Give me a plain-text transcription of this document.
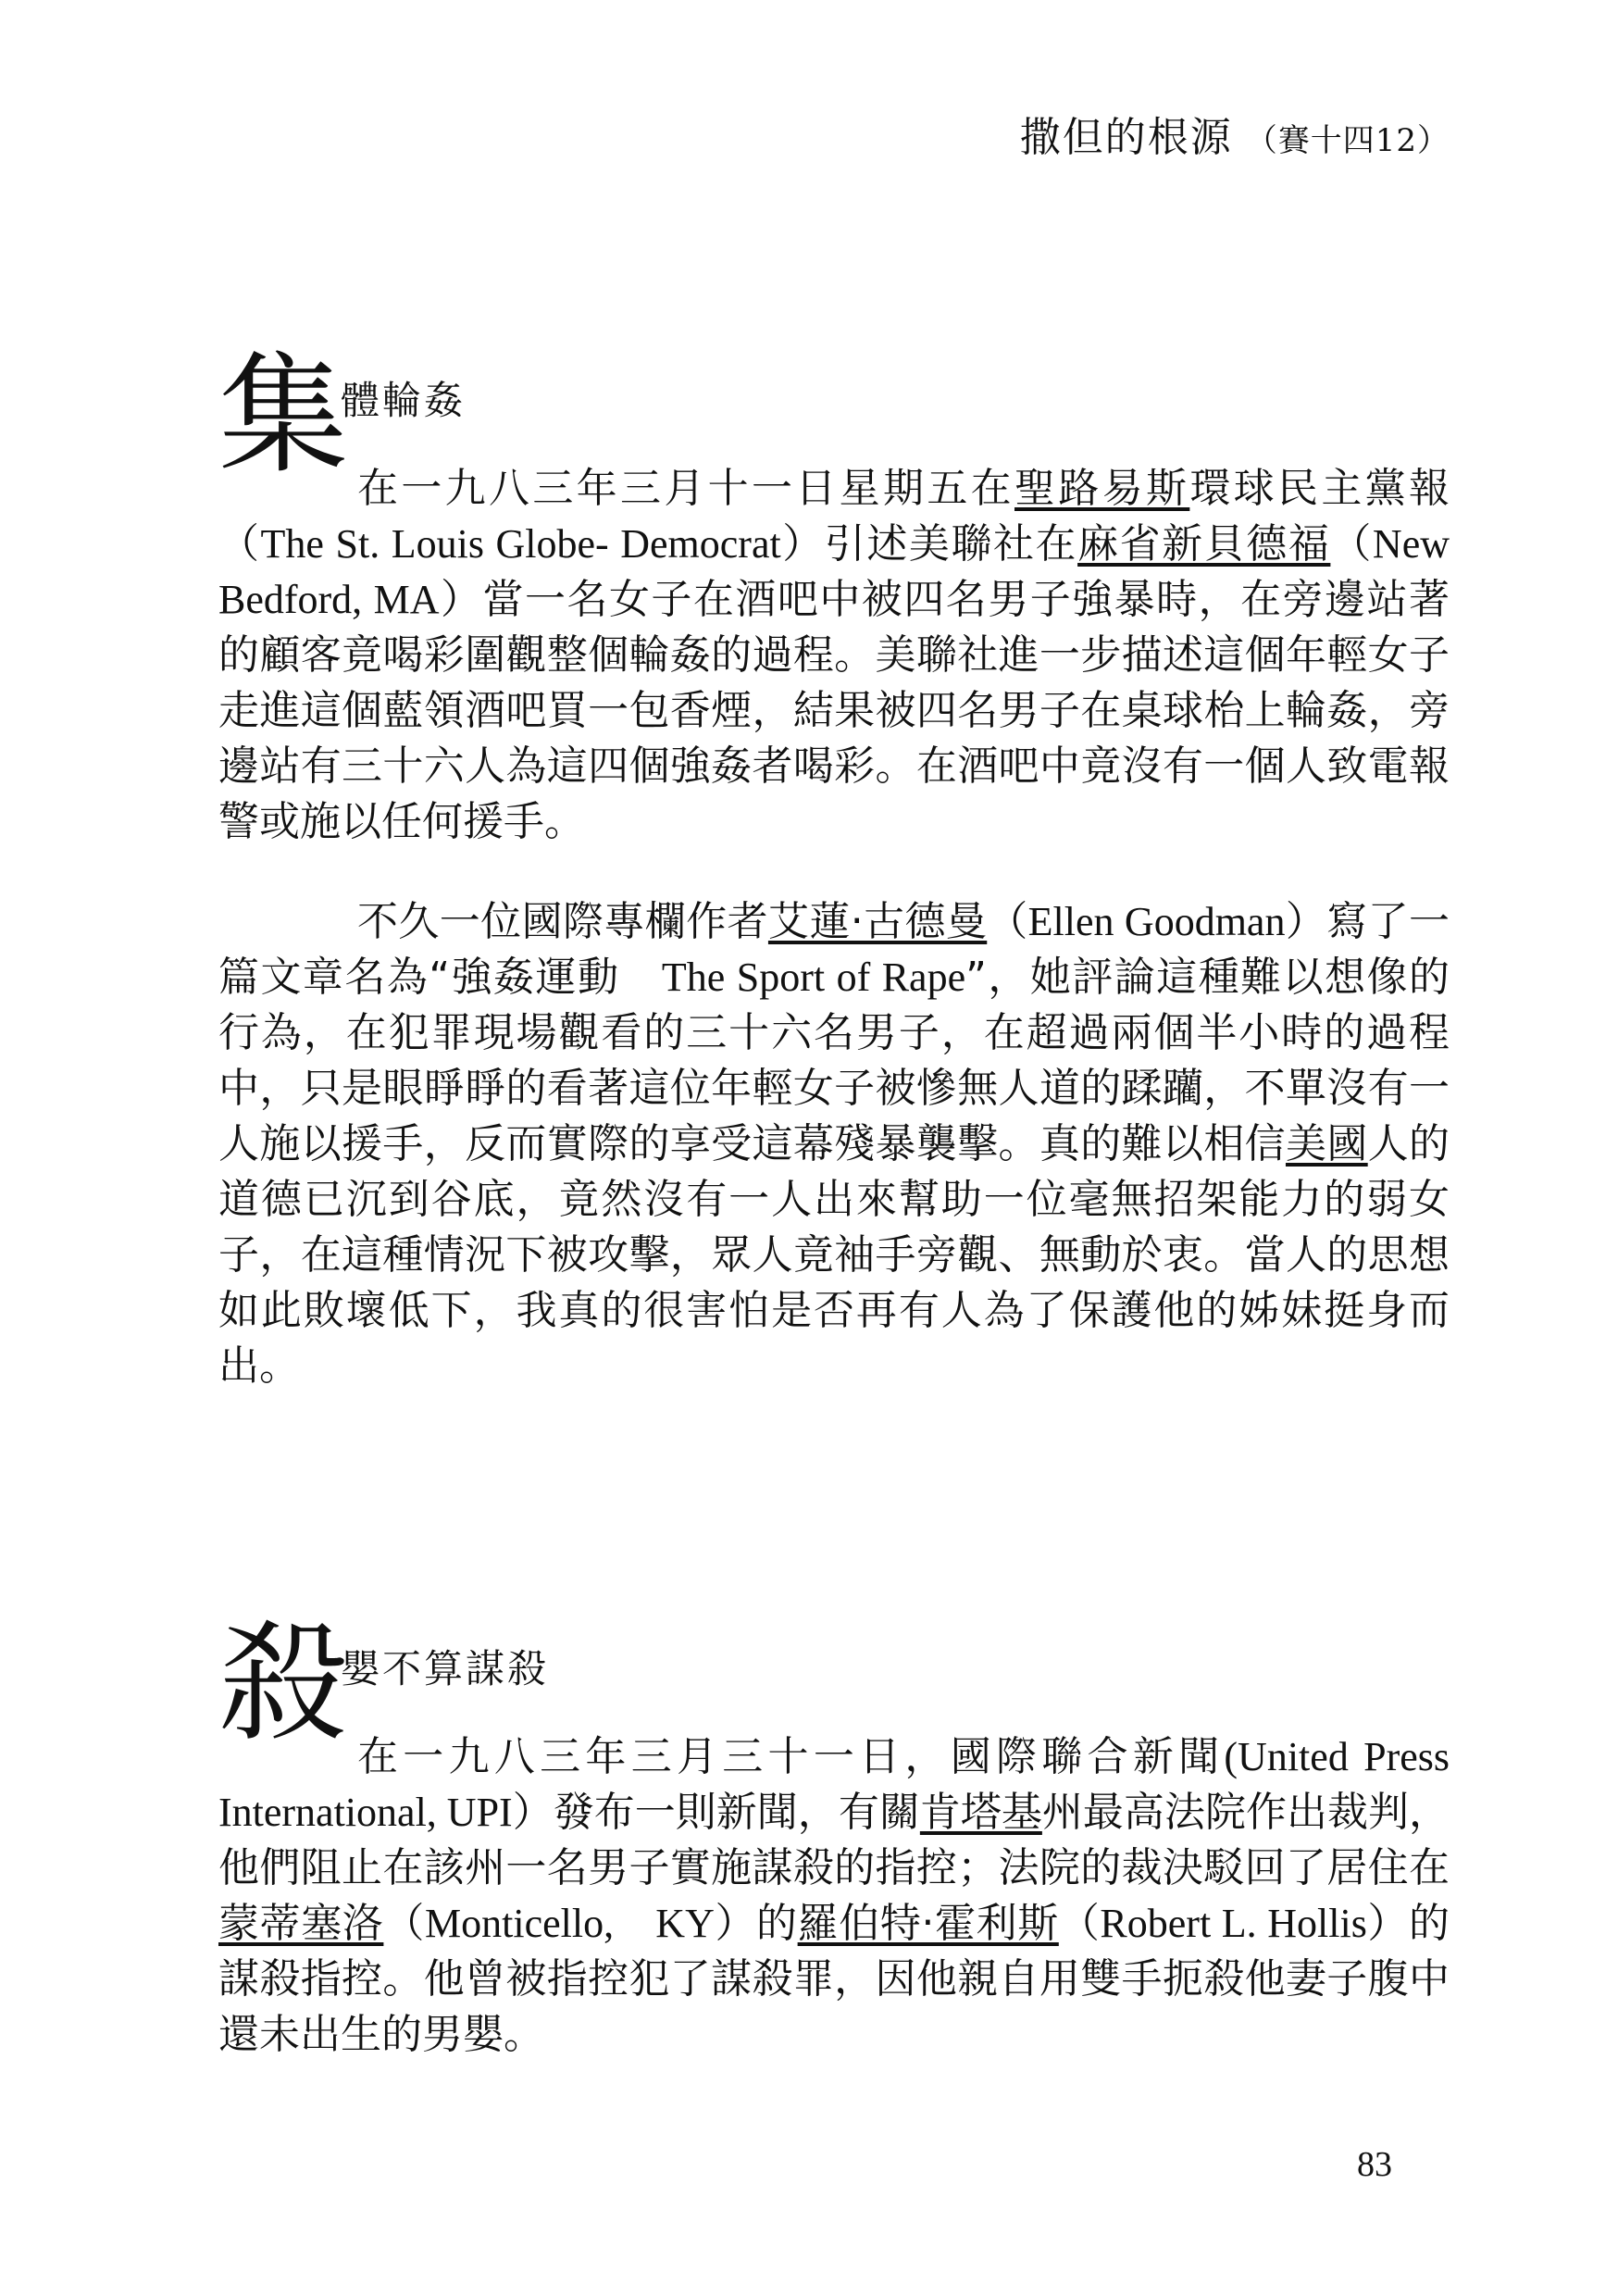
撒但的根源 （賽十四12）
集
體輪姦

在一九八三年三月十一日星期五在聖路易斯環球民主黨報（The St. Louis Globe- Democrat）引述美聯社在麻省新貝德福（New Bedford, MA）當一名女子在酒吧中被四名男子強暴時，在旁邊站著的顧客竟喝彩圍觀整個輪姦的過程。美聯社進一步描述這個年輕女子走進這個藍領酒吧買一包香煙，結果被四名男子在桌球枱上輪姦，旁邊站有三十六人為這四個強姦者喝彩。在酒吧中竟沒有一個人致電報警或施以任何援手。

不久一位國際專欄作者艾蓮‧古德曼（Ellen Goodman）寫了一篇文章名為“強姦運動　The Sport of Rape”，她評論這種難以想像的行為，在犯罪現場觀看的三十六名男子，在超過兩個半小時的過程中，只是眼睜睜的看著這位年輕女子被慘無人道的蹂躪，不單沒有一人施以援手，反而實際的享受這幕殘暴襲擊。真的難以相信美國人的道德已沉到谷底，竟然沒有一人出來幫助一位毫無招架能力的弱女子，在這種情況下被攻擊，眾人竟袖手旁觀、無動於衷。當人的思想如此敗壞低下，我真的很害怕是否再有人為了保護他的姊妹挺身而出。

殺
嬰不算謀殺

在一九八三年三月三十一日，國際聯合新聞(United Press International, UPI）發布一則新聞，有關肯塔基州最高法院作出裁判，他們阻止在該州一名男子實施謀殺的指控；法院的裁決駁回了居住在蒙蒂塞洛（Monticello,　KY）的羅伯特‧霍利斯（Robert L. Hollis）的謀殺指控。他曾被指控犯了謀殺罪，因他親自用雙手扼殺他妻子腹中還未出生的男嬰。

83
